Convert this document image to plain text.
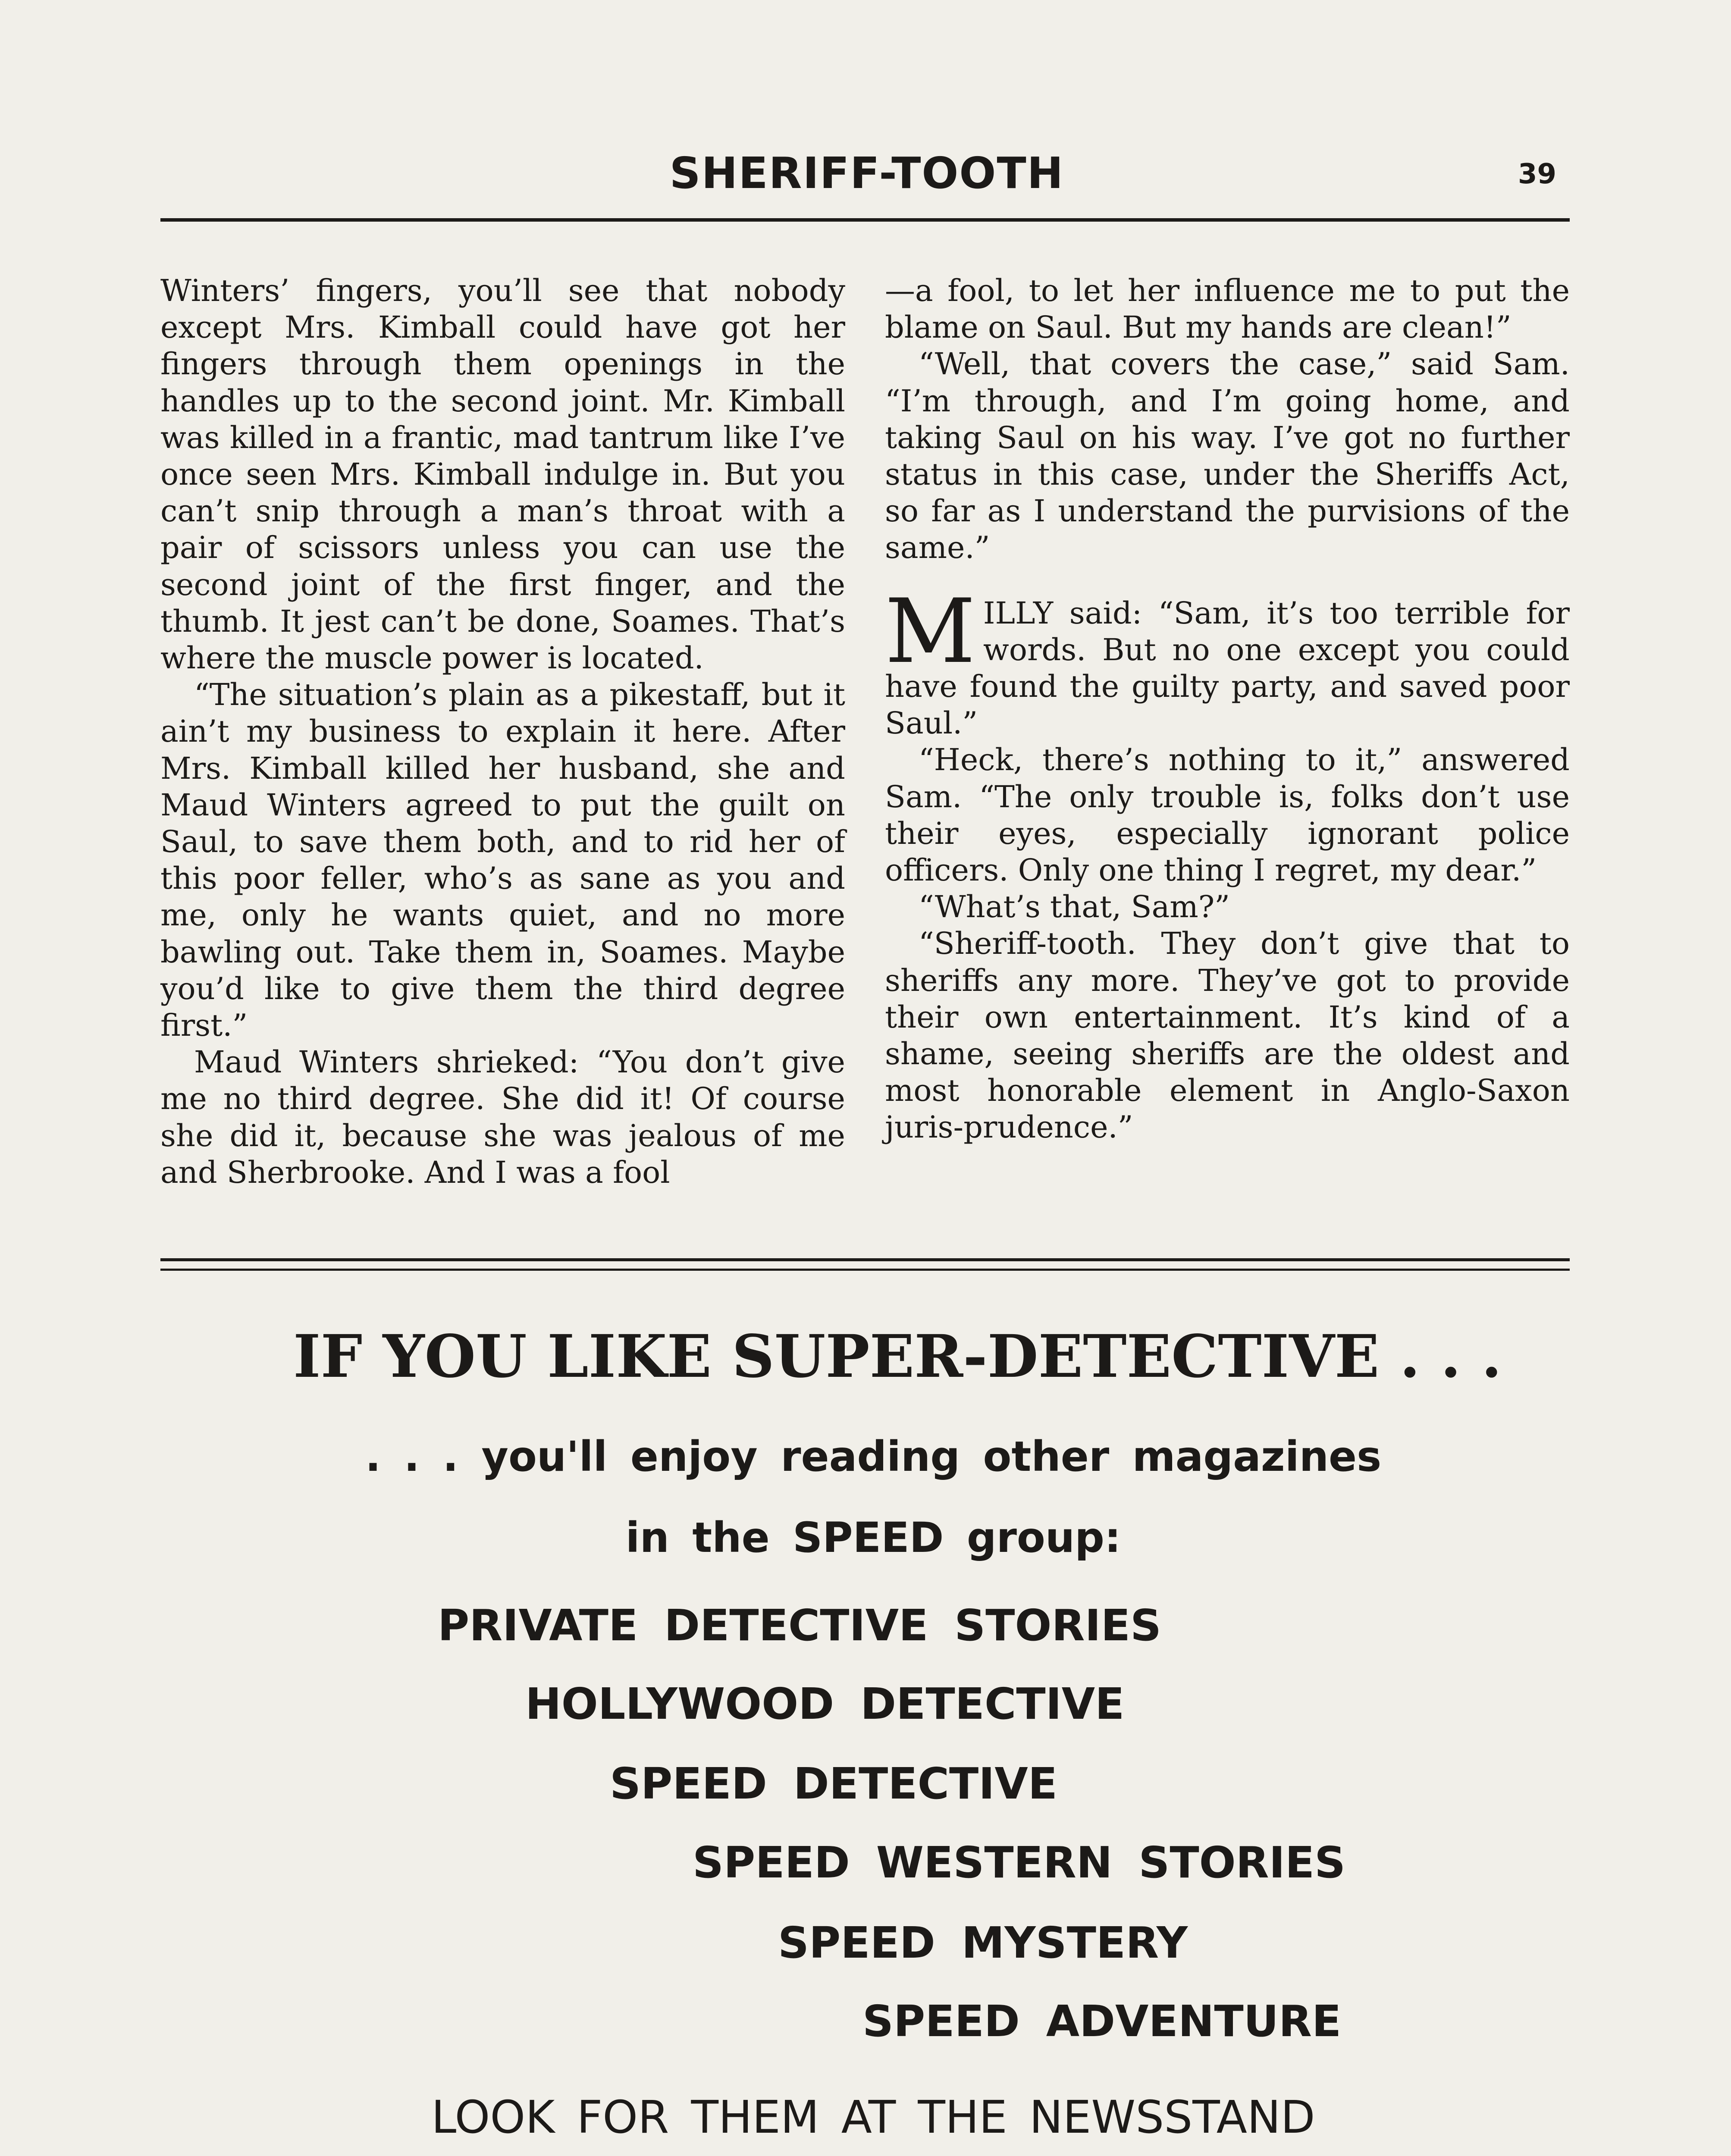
SHERIFF-TOOTH	39

Winters’ fingers, you’ll see that nobody except Mrs. Kimball could have got her fingers through them openings in the handles up to the second joint. Mr. Kimball was killed in a frantic, mad tantrum like I’ve once seen Mrs. Kimball indulge in. But you can’t snip through a man’s throat with a pair of scissors unless you can use the second joint of the first finger, and the thumb. It jest can’t be done, Soames. That’s where the muscle power is located.

“The situation’s plain as a pikestaff, but it ain’t my business to explain it here. After Mrs. Kimball killed her husband, she and Maud Winters agreed to put the guilt on Saul, to save them both, and to rid her of this poor feller, who’s as sane as you and me, only he wants quiet, and no more bawling out. Take them in, Soames. Maybe you’d like to give them the third degree first.”

Maud Winters shrieked: “You don’t give me no third degree. She did it! Of course she did it, because she was jealous of me and Sherbrooke. And I was a fool

—a fool, to let her influence me to put the blame on Saul. But my hands are clean!”

“Well, that covers the case,” said Sam. “I’m through, and I’m going home, and taking Saul on his way. I’ve got no further status in this case, under the Sheriffs Act, so far as I understand the purvisions of the same.”

MILLY said: “Sam, it’s too terrible for words. But no one except you could have found the guilty party, and saved poor Saul.”

“Heck, there’s nothing to it,” answered Sam. “The only trouble is, folks don’t use their eyes, especially ignorant police officers. Only one thing I regret, my dear.”

“What’s that, Sam?”

“Sheriff-tooth. They don’t give that to sheriffs any more. They’ve got to provide their own entertainment. It’s kind of a shame, seeing sheriffs are the oldest and most honorable element in Anglo-Saxon juris-prudence.”

IF YOU LIKE SUPER-DETECTIVE . . .
. . . you'll enjoy reading other magazines
in the SPEED group:
PRIVATE DETECTIVE STORIES
HOLLYWOOD DETECTIVE
SPEED DETECTIVE
SPEED WESTERN STORIES
SPEED MYSTERY
SPEED ADVENTURE
LOOK FOR THEM AT THE NEWSSTAND
